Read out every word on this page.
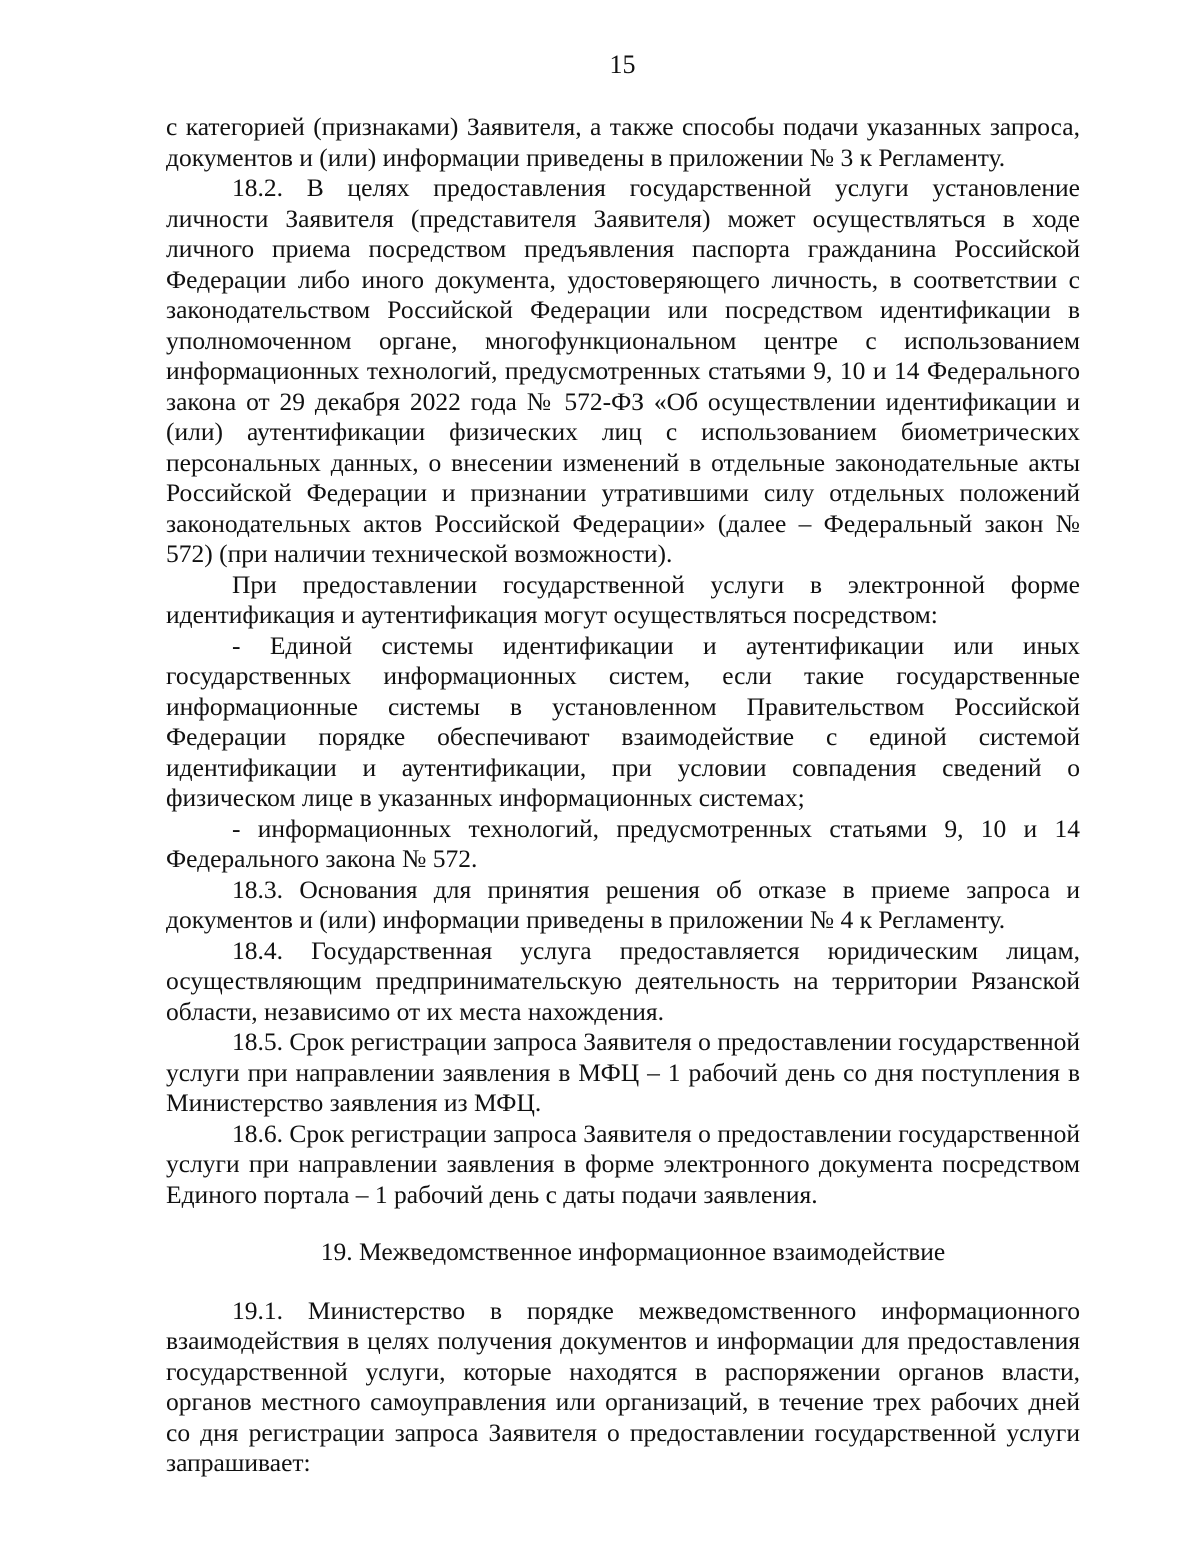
15

с категорией (признаками) Заявителя, а также способы подачи указанных запроса, документов и (или) информации приведены в приложении № 3 к Регламенту.

18.2. В целях предоставления государственной услуги установление личности Заявителя (представителя Заявителя) может осуществляться в ходе личного приема посредством предъявления паспорта гражданина Российской Федерации либо иного документа, удостоверяющего личность, в соответствии с законодательством Российской Федерации или посредством идентификации в уполномоченном органе, многофункциональном центре с использованием информационных технологий, предусмотренных статьями 9, 10 и 14 Федерального закона от 29 декабря 2022 года № 572-ФЗ «Об осуществлении идентификации и (или) аутентификации физических лиц с использованием биометрических персональных данных, о внесении изменений в отдельные законодательные акты Российской Федерации и признании утратившими силу отдельных положений законодательных актов Российской Федерации» (далее – Федеральный закон № 572) (при наличии технической возможности).

При предоставлении государственной услуги в электронной форме идентификация и аутентификация могут осуществляться посредством:

- Единой системы идентификации и аутентификации или иных государственных информационных систем, если такие государственные информационные системы в установленном Правительством Российской Федерации порядке обеспечивают взаимодействие с единой системой идентификации и аутентификации, при условии совпадения сведений о физическом лице в указанных информационных системах;

- информационных технологий, предусмотренных статьями 9, 10 и 14 Федерального закона № 572.

18.3. Основания для принятия решения об отказе в приеме запроса и документов и (или) информации приведены в приложении № 4 к Регламенту.

18.4. Государственная услуга предоставляется юридическим лицам, осуществляющим предпринимательскую деятельность на территории Рязанской области, независимо от их места нахождения.

18.5. Срок регистрации запроса Заявителя о предоставлении государственной услуги при направлении заявления в МФЦ – 1 рабочий день со дня поступления в Министерство заявления из МФЦ.

18.6. Срок регистрации запроса Заявителя о предоставлении государственной услуги при направлении заявления в форме электронного документа посредством Единого портала – 1 рабочий день с даты подачи заявления.

19. Межведомственное информационное взаимодействие

19.1. Министерство в порядке межведомственного информационного взаимодействия в целях получения документов и информации для предоставления государственной услуги, которые находятся в распоряжении органов власти, органов местного самоуправления или организаций, в течение трех рабочих дней со дня регистрации запроса Заявителя о предоставлении государственной услуги запрашивает:
